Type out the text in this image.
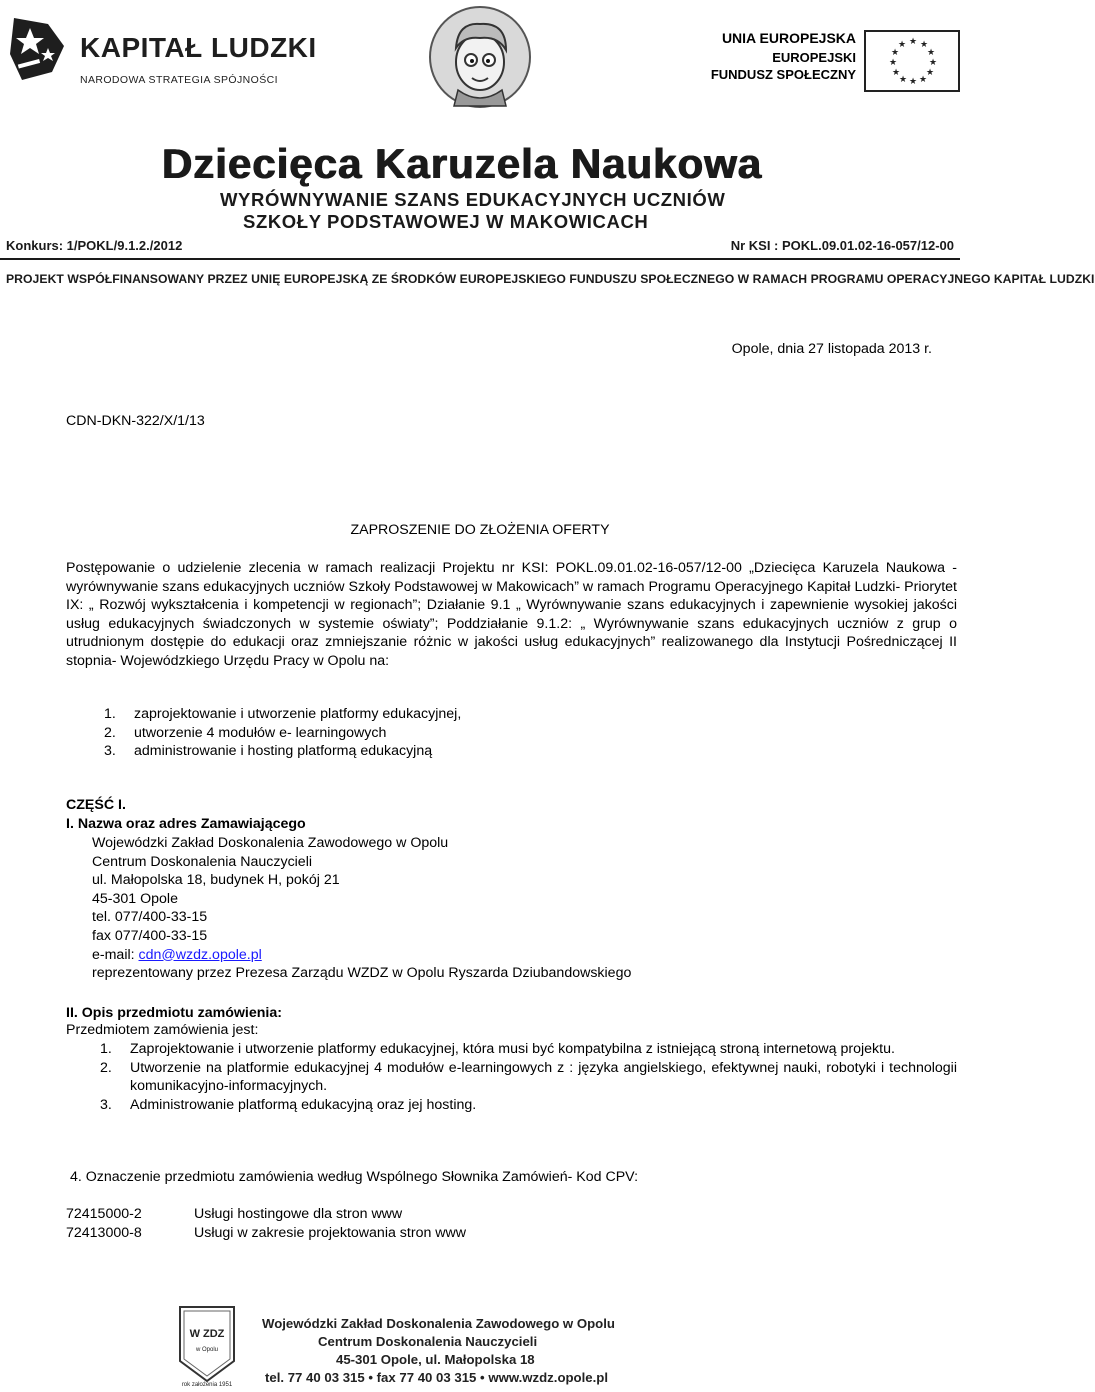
KAPITAŁ LUDZKI
NARODOWA STRATEGIA SPÓJNOŚCI
UNIA EUROPEJSKA
EUROPEJSKI
FUNDUSZ SPOŁECZNY
★ ★
★
★
★
★
★
★
★
★
★
★
Dziecięca Karuzela Naukowa
WYRÓWNYWANIE SZANS EDUKACYJNYCH UCZNIÓW
SZKOŁY PODSTAWOWEJ W MAKOWICACH
Konkurs: 1/POKL/9.1.2./2012	Nr KSI : POKL.09.01.02-16-057/12-00
PROJEKT WSPÓŁFINANSOWANY PRZEZ UNIĘ EUROPEJSKĄ ZE ŚRODKÓW EUROPEJSKIEGO FUNDUSZU SPOŁECZNEGO W RAMACH PROGRAMU OPERACYJNEGO KAPITAŁ LUDZKI
Opole, dnia 27 listopada 2013 r.
CDN-DKN-322/X/1/13
ZAPROSZENIE DO ZŁOŻENIA OFERTY

Postępowanie o udzielenie zlecenia w ramach realizacji Projektu nr KSI: POKL.09.01.02-16-057/12-00 „Dziecięca Karuzela Naukowa - wyrównywanie szans edukacyjnych uczniów Szkoły Podstawowej w Makowicach” w ramach Programu Operacyjnego Kapitał Ludzki- Priorytet IX: „ Rozwój wykształcenia i kompetencji w regionach”; Działanie 9.1 „ Wyrównywanie szans edukacyjnych i zapewnienie wysokiej jakości usług edukacyjnych świadczonych w systemie oświaty”; Poddziałanie 9.1.2: „ Wyrównywanie szans edukacyjnych uczniów z grup o utrudnionym dostępie do edukacji oraz zmniejszanie różnic w jakości usług edukacyjnych” realizowanego dla Instytucji Pośredniczącej II stopnia- Wojewódzkiego Urzędu Pracy w Opolu na:

1. zaprojektowanie i utworzenie platformy edukacyjnej,
2. utworzenie 4 modułów e- learningowych
3. administrowanie i hosting platformą edukacyjną
CZĘŚĆ I.
I. Nazwa oraz adres Zamawiającego
Wojewódzki Zakład Doskonalenia Zawodowego w Opolu
Centrum Doskonalenia Nauczycieli
ul. Małopolska 18, budynek H, pokój 21
45-301 Opole
tel. 077/400-33-15
fax 077/400-33-15
e-mail: cdn@wzdz.opole.pl
reprezentowany przez Prezesa Zarządu WZDZ w Opolu Ryszarda Dziubandowskiego
II. Opis przedmiotu zamówienia:
Przedmiotem zamówienia jest:
1. Zaprojektowanie i utworzenie platformy edukacyjnej, która musi być kompatybilna z istniejącą stroną internetową projektu.
2. Utworzenie na platformie edukacyjnej 4 modułów e-learningowych z : języka angielskiego, efektywnej nauki, robotyki i technologii komunikacyjno-informacyjnych.
3. Administrowanie platformą edukacyjną oraz jej hosting.
4. Oznaczenie przedmiotu zamówienia według Wspólnego Słownika Zamówień- Kod CPV:
72415000-2	Usługi hostingowe dla stron www
72413000-8	Usługi w zakresie projektowania stron www
W ZDZ
w Opolu
rok założenia 1951
Wojewódzki Zakład Doskonalenia Zawodowego w Opolu
Centrum Doskonalenia Nauczycieli
45-301 Opole, ul. Małopolska 18
tel. 77 40 03 315 • fax 77 40 03 315 • www.wzdz.opole.pl
